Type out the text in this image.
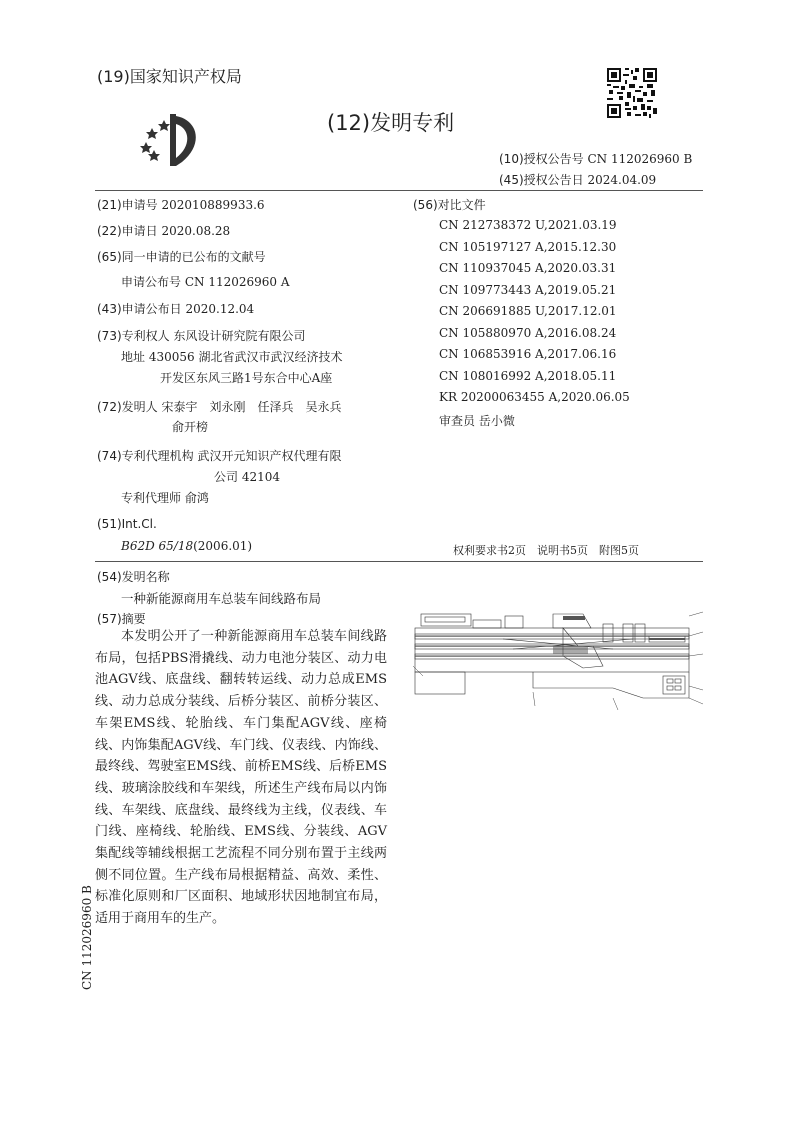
(19)国家知识产权局
(12)发明专利
(10)授权公告号 CN 112026960 B
(45)授权公告日 2024.04.09
(21)申请号 202010889933.6
(22)申请日 2020.08.28
(65)同一申请的已公布的文献号
申请公布号 CN 112026960 A
(43)申请公布日 2020.12.04
(73)专利权人 东风设计研究院有限公司
地址 430056 湖北省武汉市武汉经济技术
开发区东风三路1号东合中心A座
(72)发明人 宋泰宇　刘永刚　任泽兵　吴永兵
俞开榜
(74)专利代理机构 武汉开元知识产权代理有限
公司 42104
专利代理师 俞鸿
(51)Int.Cl.
B62D 65/18(2006.01)
(56)对比文件
CN 212738372 U,2021.03.19
CN 105197127 A,2015.12.30
CN 110937045 A,2020.03.31
CN 109773443 A,2019.05.21
CN 206691885 U,2017.12.01
CN 105880970 A,2016.08.24
CN 106853916 A,2017.06.16
CN 108016992 A,2018.05.11
KR 20200063455 A,2020.06.05
审查员 岳小微
权利要求书2页　说明书5页　附图5页
(54)发明名称
一种新能源商用车总装车间线路布局
(57)摘要
本发明公开了一种新能源商用车总装车间线路布局，包括PBS滑撬线、动力电池分装区、动力电池AGV线、底盘线、翻转转运线、动力总成EMS线、动力总成分装线、后桥分装区、前桥分装区、车架EMS线、轮胎线、车门集配AGV线、座椅线、内饰集配AGV线、车门线、仪表线、内饰线、最终线、驾驶室EMS线、前桥EMS线、后桥EMS线、玻璃涂胶线和车架线，所述生产线布局以内饰线、车架线、底盘线、最终线为主线，仪表线、车门线、座椅线、轮胎线、EMS线、分装线、AGV集配线等辅线根据工艺流程不同分别布置于主线两侧不同位置。生产线布局根据精益、高效、柔性、标准化原则和厂区面积、地域形状因地制宜布局，适用于商用车的生产。
CN 112026960 B
